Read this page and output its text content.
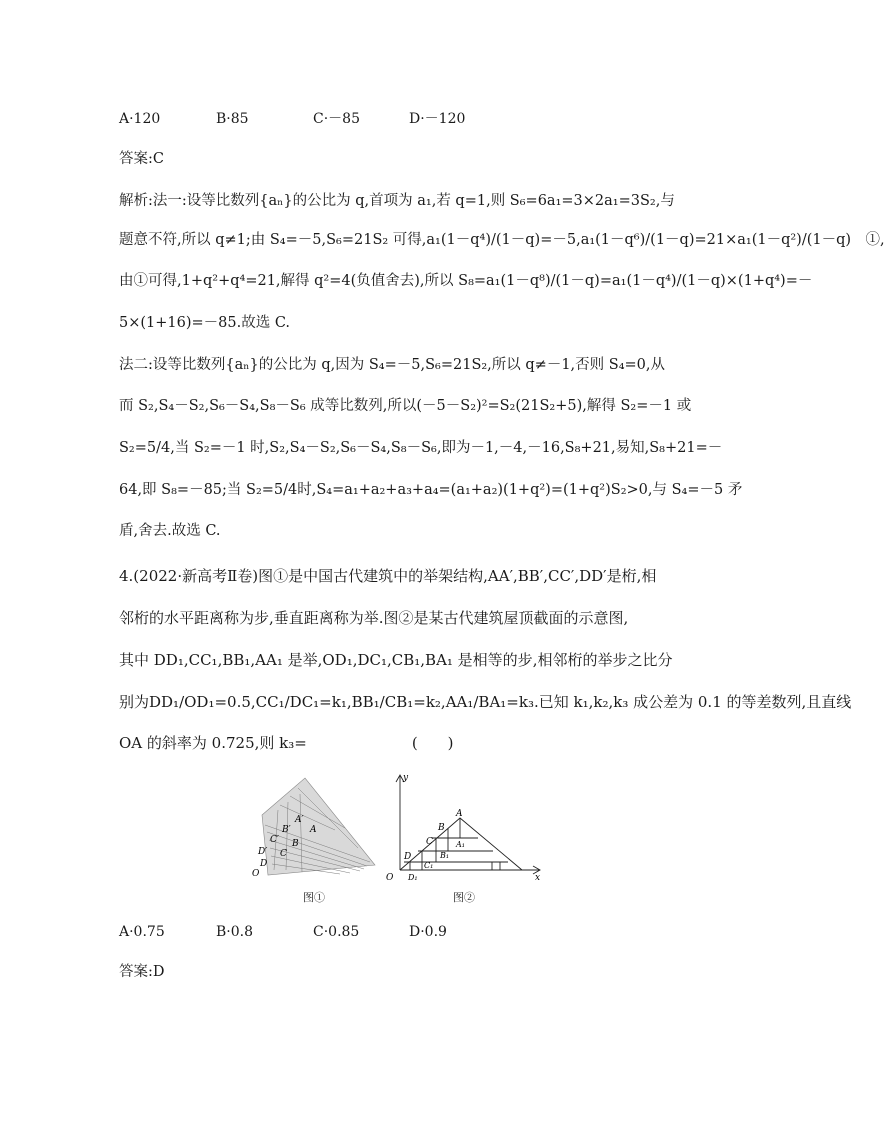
A·120	B·85	C·－85	D·－120
答案:C
解析:法一:设等比数列{aₙ}的公比为 q,首项为 a₁,若 q=1,则 S₆=6a₁=3×2a₁=3S₂,与
题意不符,所以 q≠1;由 S₄=－5,S₆=21S₂ 可得,a₁(1－q⁴)/(1－q)=－5,a₁(1－q⁶)/(1－q)=21×a₁(1－q²)/(1－q)　①,
由①可得,1+q²+q⁴=21,解得 q²=4(负值舍去),所以 S₈=a₁(1－q⁸)/(1－q)=a₁(1－q⁴)/(1－q)×(1+q⁴)=－
5×(1+16)=－85.故选 C.
法二:设等比数列{aₙ}的公比为 q,因为 S₄=－5,S₆=21S₂,所以 q≠－1,否则 S₄=0,从
而 S₂,S₄－S₂,S₆－S₄,S₈－S₆ 成等比数列,所以(－5－S₂)²=S₂(21S₂+5),解得 S₂=－1 或
S₂=5/4,当 S₂=－1 时,S₂,S₄－S₂,S₆－S₄,S₈－S₆,即为－1,－4,－16,S₈+21,易知,S₈+21=－
64,即 S₈=－85;当 S₂=5/4时,S₄=a₁+a₂+a₃+a₄=(a₁+a₂)(1+q²)=(1+q²)S₂>0,与 S₄=－5 矛
盾,舍去.故选 C.
4.(2022·新高考Ⅱ卷)图①是中国古代建筑中的举架结构,AA′,BB′,CC′,DD′是桁,相
邻桁的水平距离称为步,垂直距离称为举.图②是某古代建筑屋顶截面的示意图,
其中 DD₁,CC₁,BB₁,AA₁ 是举,OD₁,DC₁,CB₁,BA₁ 是相等的步,相邻桁的举步之比分
别为DD₁/OD₁=0.5,CC₁/DC₁=k₁,BB₁/CB₁=k₂,AA₁/BA₁=k₃.已知 k₁,k₂,k₃ 成公差为 0.1 的等差数列,且直线
OA 的斜率为 0.725,则 k₃=　　　　　　　(　　)
A′
B′ A
C′ B
D′ C
D
O
图①
y
x
A
B
A₁
C
B₁
D
C₁
O D₁
图②
A·0.75	B·0.8	C·0.85	D·0.9
答案:D
